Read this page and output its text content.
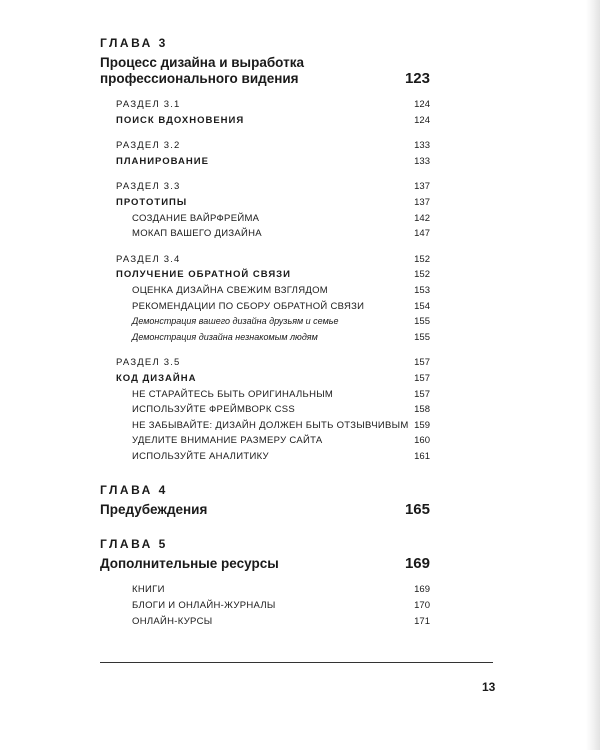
ГЛАВА 3
Процесс дизайна и выработка профессионального видения	123
РАЗДЕЛ 3.1	124
ПОИСК ВДОХНОВЕНИЯ	124
РАЗДЕЛ 3.2	133
ПЛАНИРОВАНИЕ	133
РАЗДЕЛ 3.3	137
ПРОТОТИПЫ	137
СОЗДАНИЕ ВАЙРФРЕЙМА	142
МОКАП ВАШЕГО ДИЗАЙНА	147
РАЗДЕЛ 3.4	152
ПОЛУЧЕНИЕ ОБРАТНОЙ СВЯЗИ	152
ОЦЕНКА ДИЗАЙНА СВЕЖИМ ВЗГЛЯДОМ	153
РЕКОМЕНДАЦИИ ПО СБОРУ ОБРАТНОЙ СВЯЗИ	154
Демонстрация вашего дизайна друзьям и семье	155
Демонстрация дизайна незнакомым людям	155
РАЗДЕЛ 3.5	157
КОД ДИЗАЙНА	157
НЕ СТАРАЙТЕСЬ БЫТЬ ОРИГИНАЛЬНЫМ	157
ИСПОЛЬЗУЙТЕ ФРЕЙМВОРК CSS	158
НЕ ЗАБЫВАЙТЕ: ДИЗАЙН ДОЛЖЕН БЫТЬ ОТЗЫВЧИВЫМ 159
УДЕЛИТЕ ВНИМАНИЕ РАЗМЕРУ САЙТА	160
ИСПОЛЬЗУЙТЕ АНАЛИТИКУ	161
ГЛАВА 4
Предубеждения	165
ГЛАВА 5
Дополнительные ресурсы	169
КНИГИ	169
БЛОГИ И ОНЛАЙН-ЖУРНАЛЫ	170
ОНЛАЙН-КУРСЫ	171
13
